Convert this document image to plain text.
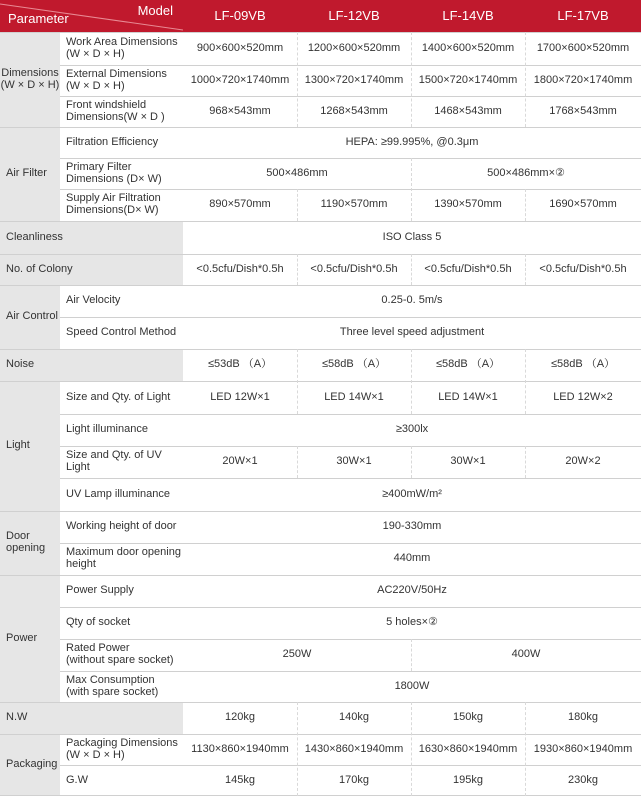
Parameter
Model	LF-09VB	LF-12VB	LF-14VB	LF-17VB
Dimensions
(W × D × H)
Work Area Dimensions
(W × D × H)	900×600×520mm	1200×600×520mm	1400×600×520mm	1700×600×520mm
External Dimensions
(W × D × H)	1000×720×1740mm	1300×720×1740mm	1500×720×1740mm	1800×720×1740mm
Front windshield
Dimensions(W × D )	968×543mm	1268×543mm	1468×543mm	1768×543mm
Air Filter
Filtration Efficiency	HEPA: ≥99.995%, @0.3μm
Primary Filter
Dimensions (D× W)	500×486mm	500×486mm×②
Supply Air Filtration
Dimensions(D× W)	890×570mm	1190×570mm	1390×570mm	1690×570mm
Cleanliness	ISO Class 5
No. of Colony	<0.5cfu/Dish*0.5h	<0.5cfu/Dish*0.5h	<0.5cfu/Dish*0.5h	<0.5cfu/Dish*0.5h
Air Control
Air Velocity	0.25-0. 5m/s
Speed Control Method	Three level speed adjustment
Noise	≤53dB （A）	≤58dB （A）	≤58dB （A）	≤58dB （A）
Light
Size and Qty. of Light	LED 12W×1	LED 14W×1	LED 14W×1	LED 12W×2
Light illuminance	≥300lx
Size and Qty. of UV Light	20W×1	30W×1	30W×1	20W×2
UV Lamp illuminance	≥400mW/m²
Door
opening
Working height of door	190-330mm
Maximum door opening
height	440mm
Power
Power Supply	AC220V/50Hz
Qty of socket	5 holes×②
Rated Power
(without spare socket)	250W	400W
Max Consumption
(with spare socket)	1800W
N.W	120kg	140kg	150kg	180kg
Packaging
Packaging Dimensions
(W × D × H)	1130×860×1940mm	1430×860×1940mm	1630×860×1940mm	1930×860×1940mm
G.W	145kg	170kg	195kg	230kg
